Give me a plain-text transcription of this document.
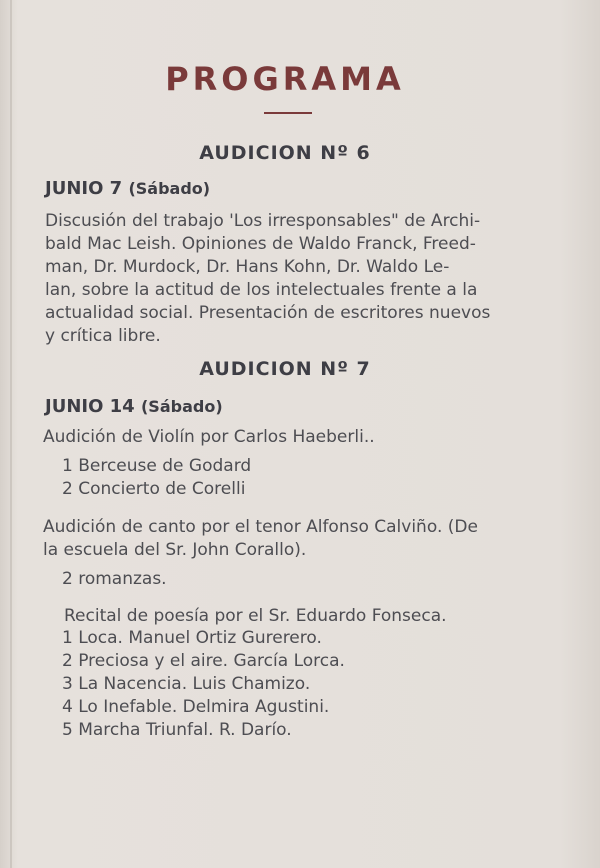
PROGRAMA
AUDICION Nº 6
JUNIO 7 (Sábado)
Discusión del trabajo 'Los irresponsables" de Archi-
bald Mac Leish. Opiniones de Waldo Franck, Freed-
man, Dr. Murdock, Dr. Hans Kohn, Dr. Waldo Le-
lan, sobre la actitud de los intelectuales frente a la
actualidad social. Presentación de escritores nuevos
y crítica libre.
AUDICION Nº 7
JUNIO 14 (Sábado)
Audición de Violín por Carlos Haeberli..
1 Berceuse de Godard
2 Concierto de Corelli
Audición de canto por el tenor Alfonso Calviño. (De
la escuela del Sr. John Corallo).
2 romanzas.
Recital de poesía por el Sr. Eduardo Fonseca.
1 Loca. Manuel Ortiz Gurerero.
2 Preciosa y el aire. García Lorca.
3 La Nacencia. Luis Chamizo.
4 Lo Inefable. Delmira Agustini.
5 Marcha Triunfal. R. Darío.
